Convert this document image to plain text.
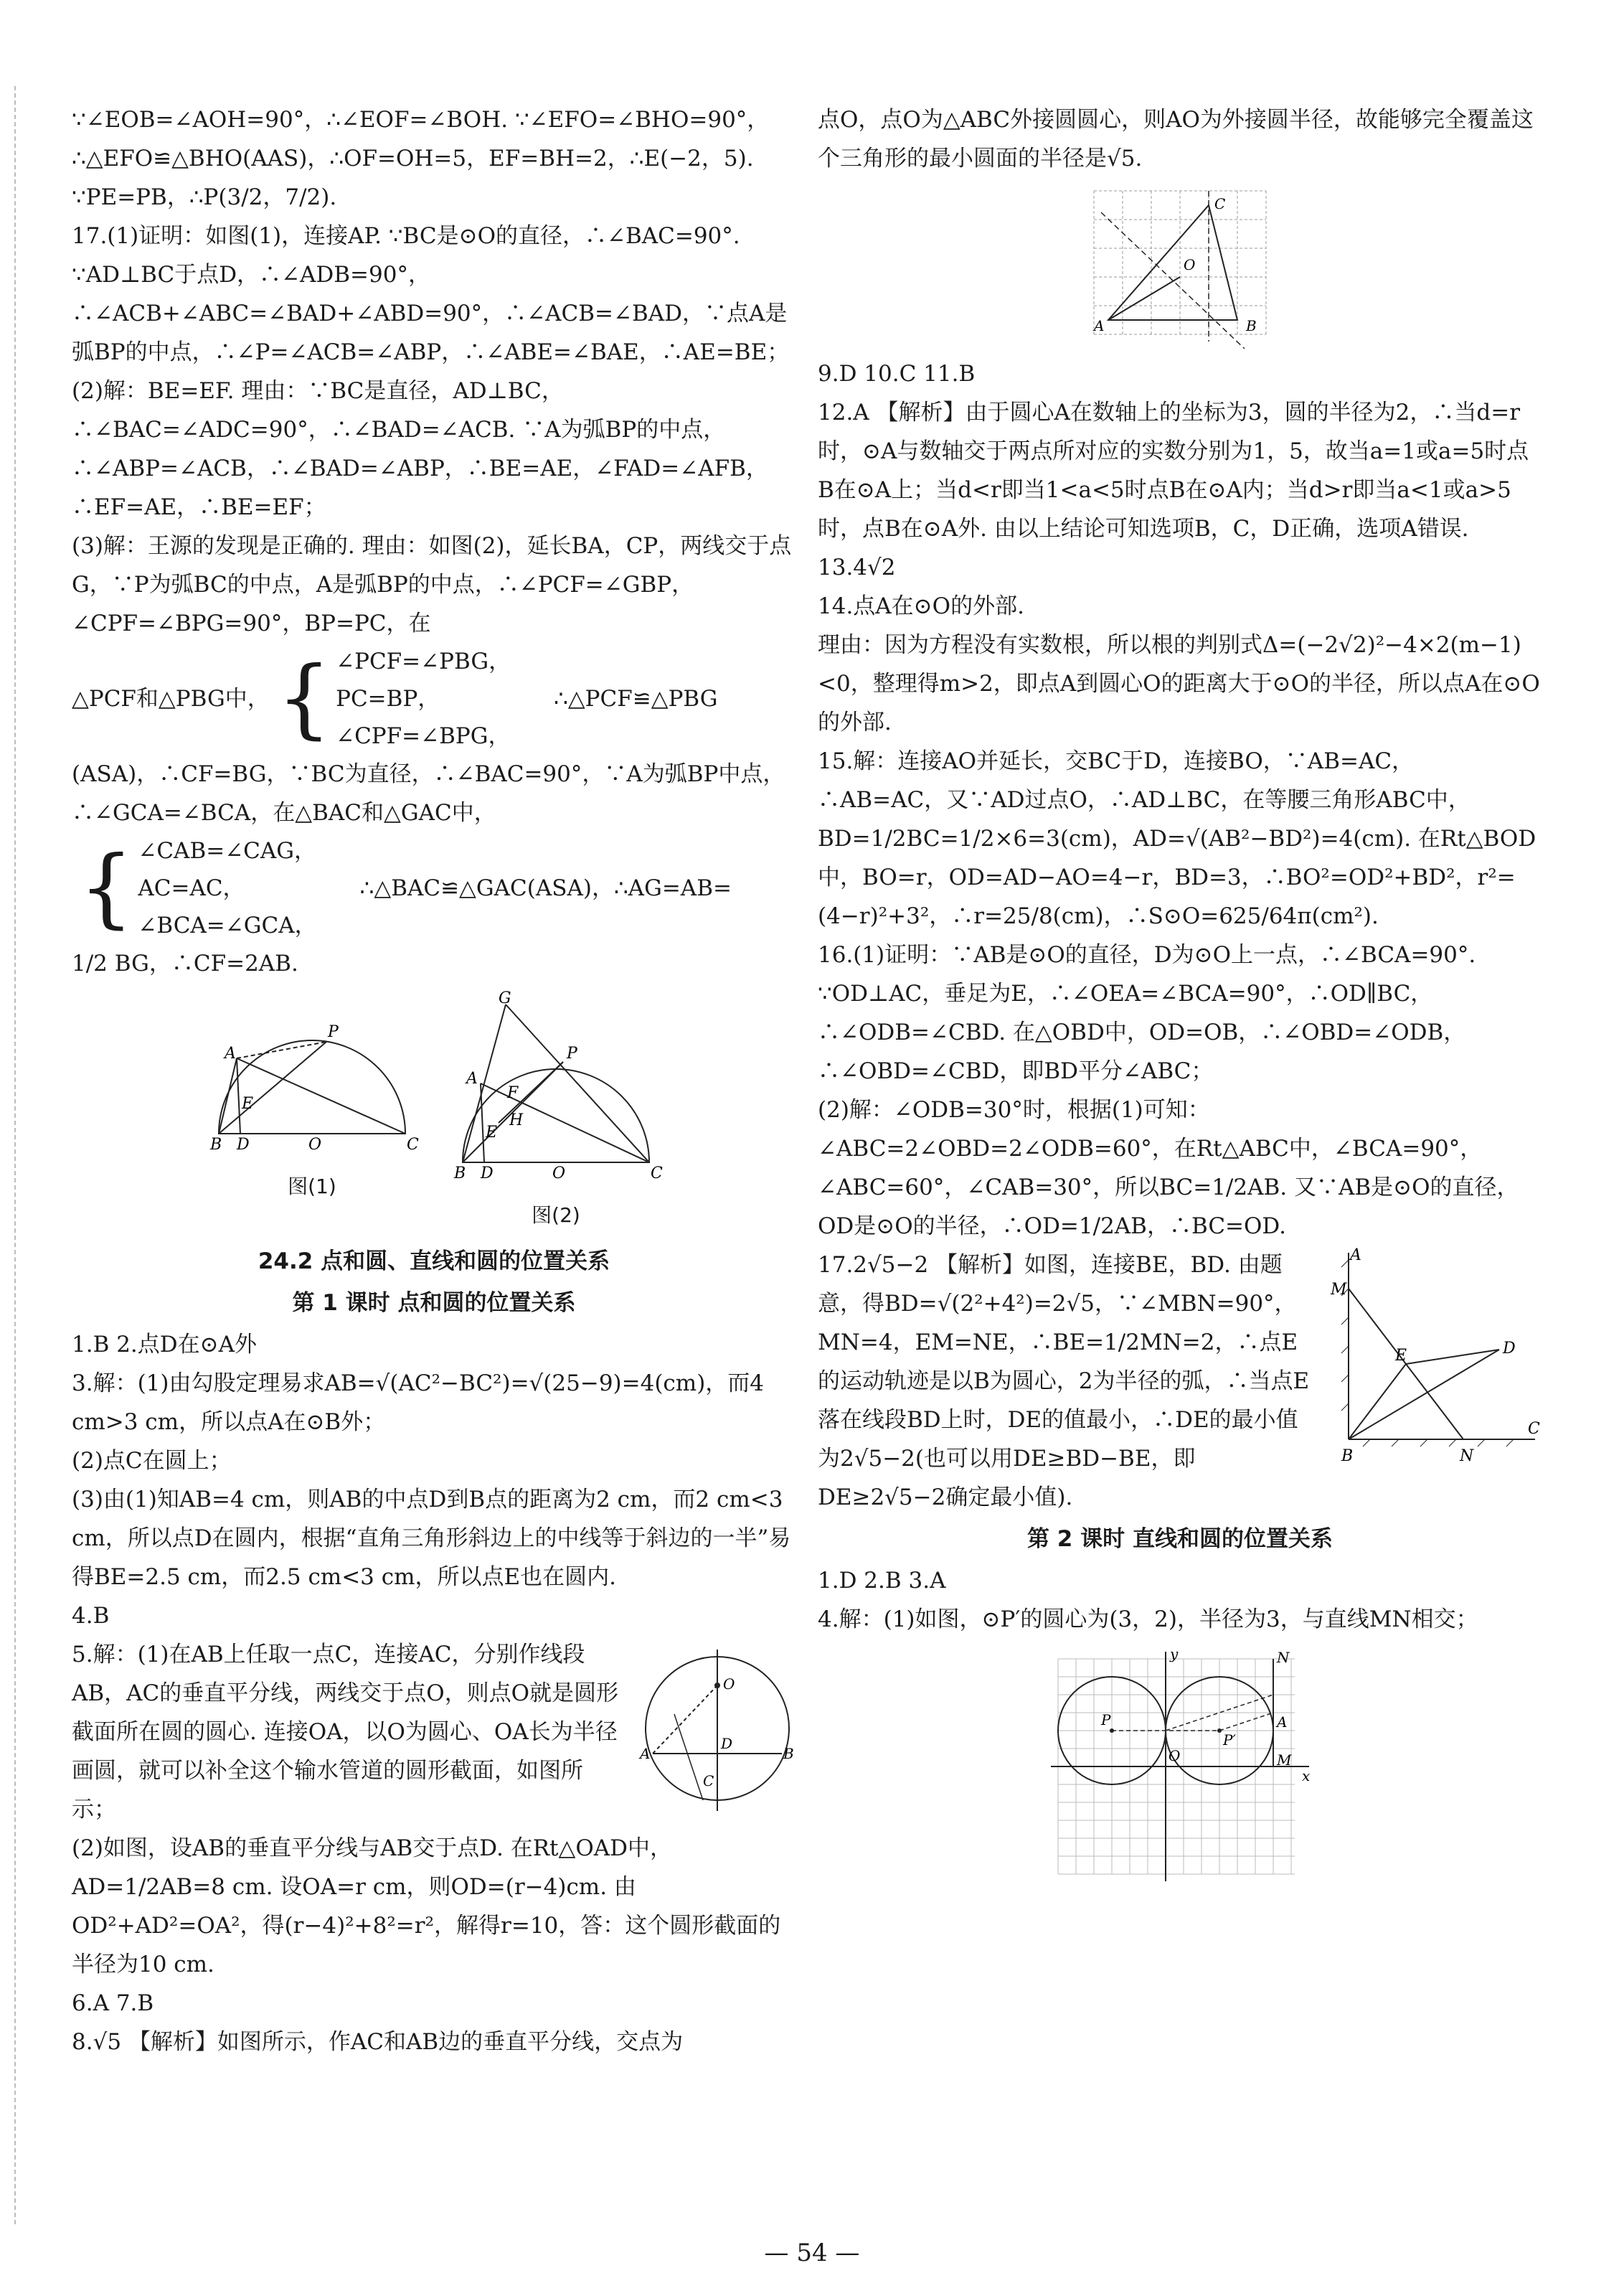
∵∠EOB=∠AOH=90°，∴∠EOF=∠BOH. ∵∠EFO=∠BHO=90°，∴△EFO≌△BHO(AAS)，∴OF=OH=5，EF=BH=2，∴E(−2，5). ∵PE=PB，∴P(3/2，7/2).

17.(1)证明：如图(1)，连接AP. ∵BC是⊙O的直径，∴∠BAC=90°. ∵AD⊥BC于点D，∴∠ADB=90°，∴∠ACB+∠ABC=∠BAD+∠ABD=90°，∴∠ACB=∠BAD，∵点A是弧BP的中点，∴∠P=∠ACB=∠ABP，∴∠ABE=∠BAE，∴AE=BE；

(2)解：BE=EF. 理由：∵BC是直径，AD⊥BC，∴∠BAC=∠ADC=90°，∴∠BAD=∠ACB. ∵A为弧BP的中点，∴∠ABP=∠ACB，∴∠BAD=∠ABP，∴BE=AE，∠FAD=∠AFB，∴EF=AE，∴BE=EF；

(3)解：王源的发现是正确的. 理由：如图(2)，延长BA，CP，两线交于点G，∵P为弧BC的中点，A是弧BP的中点，∴∠PCF=∠GBP，∠CPF=∠BPG=90°，BP=PC，在

△PCF和△PBG中， { ∠PCF=∠PBG，
PC=BP，
∠CPF=∠BPG，
∴△PCF≌△PBG

(ASA)，∴CF=BG，∵BC为直径，∴∠BAC=90°，∵A为弧BP中点，∴∠GCA=∠BCA，在△BAC和△GAC中，

{ ∠CAB=∠CAG，
AC=AC，
∠BCA=∠GCA，
∴△BAC≌△GAC(ASA)，∴AG=AB=

1/2 BG，∴CF=2AB.

A
P
E
B D	O	C
图(1)
G
P
A
F
H
E
B D	O	C
图(2)
24.2 点和圆、直线和圆的位置关系
第 1 课时 点和圆的位置关系

1.B 2.点D在⊙A外

3.解：(1)由勾股定理易求AB=√(AC²−BC²)=√(25−9)=4(cm)，而4 cm>3 cm，所以点A在⊙B外；

(2)点C在圆上；

(3)由(1)知AB=4 cm，则AB的中点D到B点的距离为2 cm，而2 cm<3 cm，所以点D在圆内，根据“直角三角形斜边上的中线等于斜边的一半”易得BE=2.5 cm，而2.5 cm<3 cm，所以点E也在圆内.

4.B

O
D
A	B
C

5.解：(1)在AB上任取一点C，连接AC，分别作线段AB，AC的垂直平分线，两线交于点O，则点O就是圆形截面所在圆的圆心. 连接OA，以O为圆心、OA长为半径画圆，就可以补全这个输水管道的圆形截面，如图所示；

(2)如图，设AB的垂直平分线与AB交于点D. 在Rt△OAD中，AD=1/2AB=8 cm. 设OA=r cm，则OD=(r−4)cm. 由OD²+AD²=OA²，得(r−4)²+8²=r²，解得r=10，答：这个圆形截面的半径为10 cm.

6.A 7.B

8.√5 【解析】如图所示，作AC和AB边的垂直平分线，交点为

点O，点O为△ABC外接圆圆心，则AO为外接圆半径，故能够完全覆盖这个三角形的最小圆面的半径是√5.

O
A	B
C

9.D 10.C 11.B

12.A 【解析】由于圆心A在数轴上的坐标为3，圆的半径为2，∴当d=r时，⊙A与数轴交于两点所对应的实数分别为1，5，故当a=1或a=5时点B在⊙A上；当d<r即当1<a<5时点B在⊙A内；当d>r即当a<1或a>5时，点B在⊙A外. 由以上结论可知选项B，C，D正确，选项A错误.

13.4√2

14.点A在⊙O的外部.

理由：因为方程没有实数根，所以根的判别式Δ=(−2√2)²−4×2(m−1)<0，整理得m>2，即点A到圆心O的距离大于⊙O的半径，所以点A在⊙O的外部.

15.解：连接AO并延长，交BC于D，连接BO，∵AB=AC，∴AB=AC，又∵AD过点O，∴AD⊥BC，在等腰三角形ABC中，BD=1/2BC=1/2×6=3(cm)，AD=√(AB²−BD²)=4(cm). 在Rt△BOD中，BO=r，OD=AD−AO=4−r，BD=3，∴BO²=OD²+BD²，r²=(4−r)²+3²，∴r=25/8(cm)，∴S⊙O=625/64π(cm²).

16.(1)证明：∵AB是⊙O的直径，D为⊙O上一点，∴∠BCA=90°. ∵OD⊥AC，垂足为E，∴∠OEA=∠BCA=90°，∴OD∥BC，∴∠ODB=∠CBD. 在△OBD中，OD=OB，∴∠OBD=∠ODB，∴∠OBD=∠CBD，即BD平分∠ABC；

(2)解：∠ODB=30°时，根据(1)可知：∠ABC=2∠OBD=2∠ODB=60°，在Rt△ABC中，∠BCA=90°，∠ABC=60°，∠CAB=30°，所以BC=1/2AB. 又∵AB是⊙O的直径，OD是⊙O的半径，∴OD=1/2AB，∴BC=OD.

A
M
E	D
B	N
C

17.2√5−2 【解析】如图，连接BE，BD. 由题意，得BD=√(2²+4²)=2√5，∵∠MBN=90°，MN=4，EM=NE，∴BE=1/2MN=2，∴点E的运动轨迹是以B为圆心，2为半径的弧，∴当点E落在线段BD上时，DE的值最小，∴DE的最小值为2√5−2(也可以用DE≥BD−BE，即DE≥2√5−2确定最小值).

第 2 课时 直线和圆的位置关系

1.D 2.B 3.A

4.解：(1)如图，⊙P′的圆心为(3，2)，半径为3，与直线MN相交；

P
P′
N
M
A
O
x
y
— 54 —
